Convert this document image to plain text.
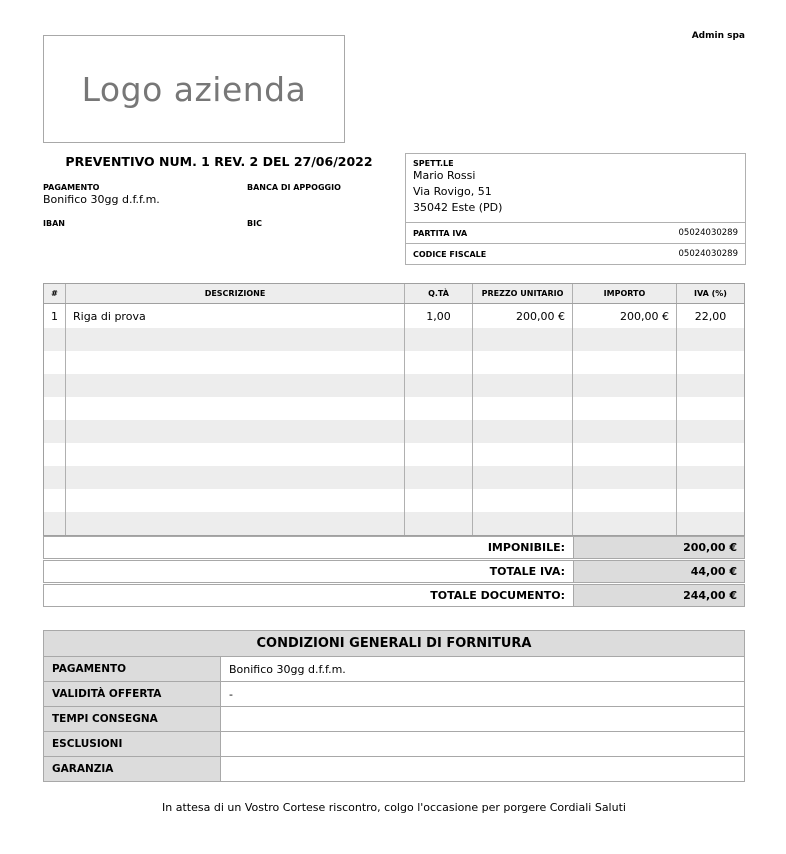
Admin spa
Logo azienda
PREVENTIVO NUM. 1 REV. 2 DEL 27/06/2022
PAGAMENTO
Bonifico 30gg d.f.f.m.
BANCA DI APPOGGIO
IBAN	BIC
SPETT.LE
Mario Rossi
Via Rovigo, 51
35042 Este (PD)
PARTITA IVA	05024030289
CODICE FISCALE	05024030289
#	DESCRIZIONE	Q.TÀ	PREZZO UNITARIO	IMPORTO	IVA (%)
1	Riga di prova	1,00	200,00 €	200,00 €	22,00
IMPONIBILE:	200,00 €
TOTALE IVA:	44,00 €
TOTALE DOCUMENTO:	244,00 €
CONDIZIONI GENERALI DI FORNITURA
PAGAMENTO	Bonifico 30gg d.f.f.m.
VALIDITÀ OFFERTA	-
TEMPI CONSEGNA
ESCLUSIONI
GARANZIA
In attesa di un Vostro Cortese riscontro, colgo l'occasione per porgere Cordiali Saluti
